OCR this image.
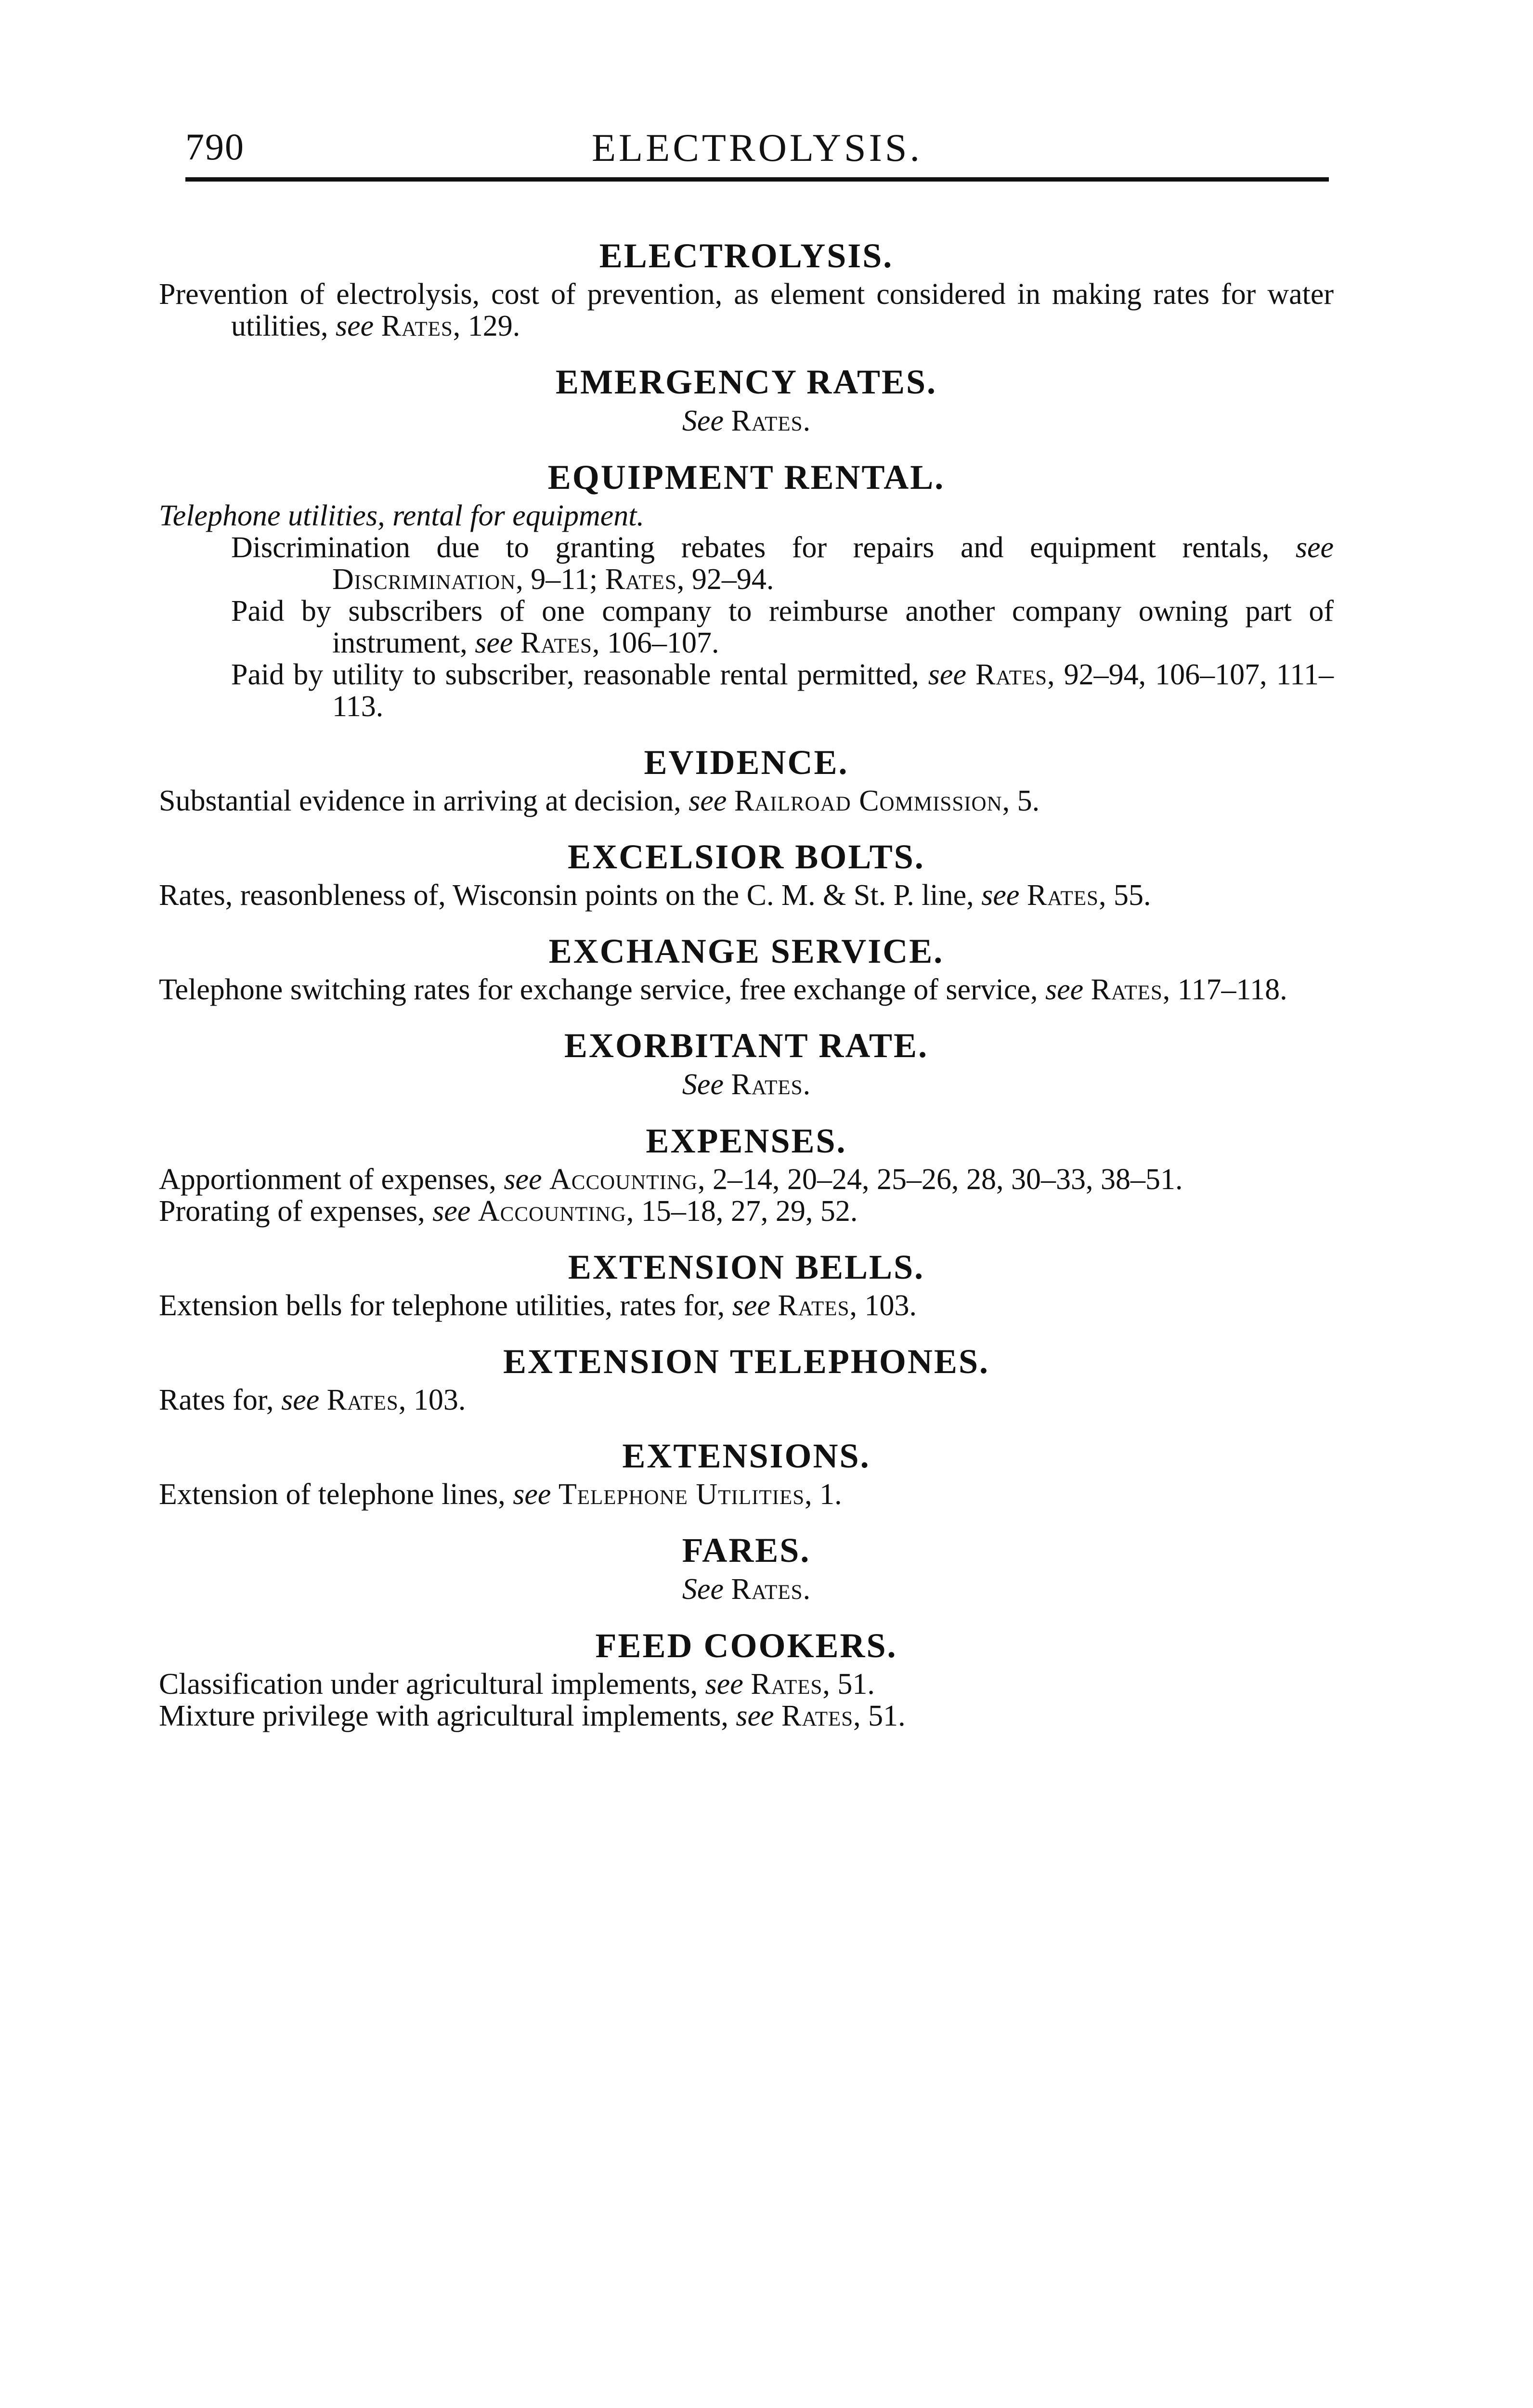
790	ELECTROLYSIS.
ELECTROLYSIS.

Prevention of electrolysis, cost of prevention, as element considered in making rates for water utilities, see Rates, 129.

EMERGENCY RATES.
See Rates.
EQUIPMENT RENTAL.

Telephone utilities, rental for equipment.

Discrimination due to granting rebates for repairs and equipment rentals, see Discrimination, 9–11; Rates, 92–94.

Paid by subscribers of one company to reimburse another company owning part of instrument, see Rates, 106–107.

Paid by utility to subscriber, reasonable rental permitted, see Rates, 92–94, 106–107, 111–113.

EVIDENCE.

Substantial evidence in arriving at decision, see Railroad Commission, 5.

EXCELSIOR BOLTS.

Rates, reasonbleness of, Wisconsin points on the C. M. & St. P. line, see Rates, 55.

EXCHANGE SERVICE.

Telephone switching rates for exchange service, free exchange of service, see Rates, 117–118.

EXORBITANT RATE.
See Rates.
EXPENSES.

Apportionment of expenses, see Accounting, 2–14, 20–24, 25–26, 28, 30–33, 38–51.

Prorating of expenses, see Accounting, 15–18, 27, 29, 52.

EXTENSION BELLS.

Extension bells for telephone utilities, rates for, see Rates, 103.

EXTENSION TELEPHONES.

Rates for, see Rates, 103.

EXTENSIONS.

Extension of telephone lines, see Telephone Utilities, 1.

FARES.
See Rates.
FEED COOKERS.

Classification under agricultural implements, see Rates, 51.

Mixture privilege with agricultural implements, see Rates, 51.
